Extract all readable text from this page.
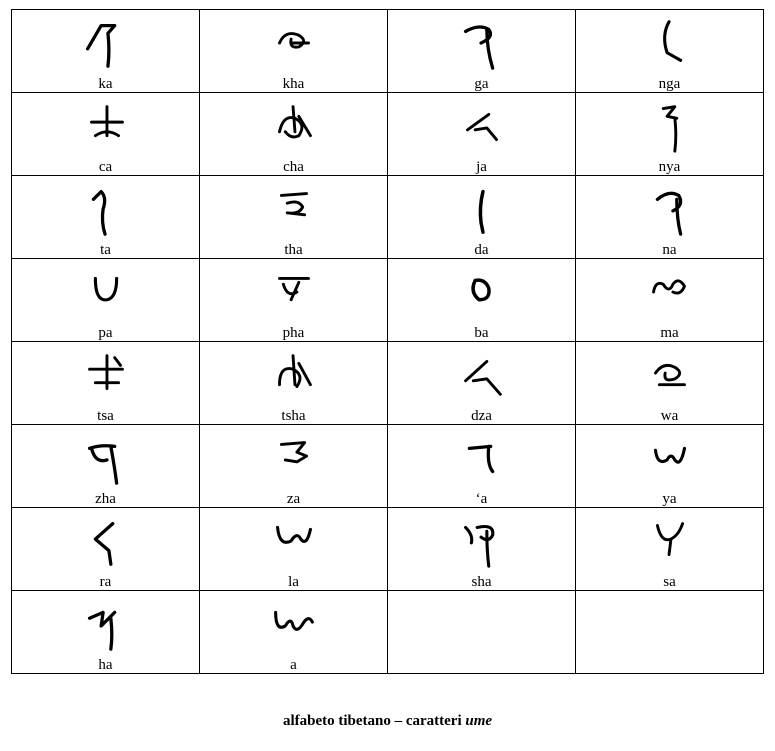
ka	kha	ga	nga

ca	cha	ja	nya

ta	tha	da	na

pa	pha	ba	ma

tsa	tsha	dza	wa

zha	za	‘a	ya

ra	la	sha	sa

ha	a		

alfabeto tibetano – caratteri ume
